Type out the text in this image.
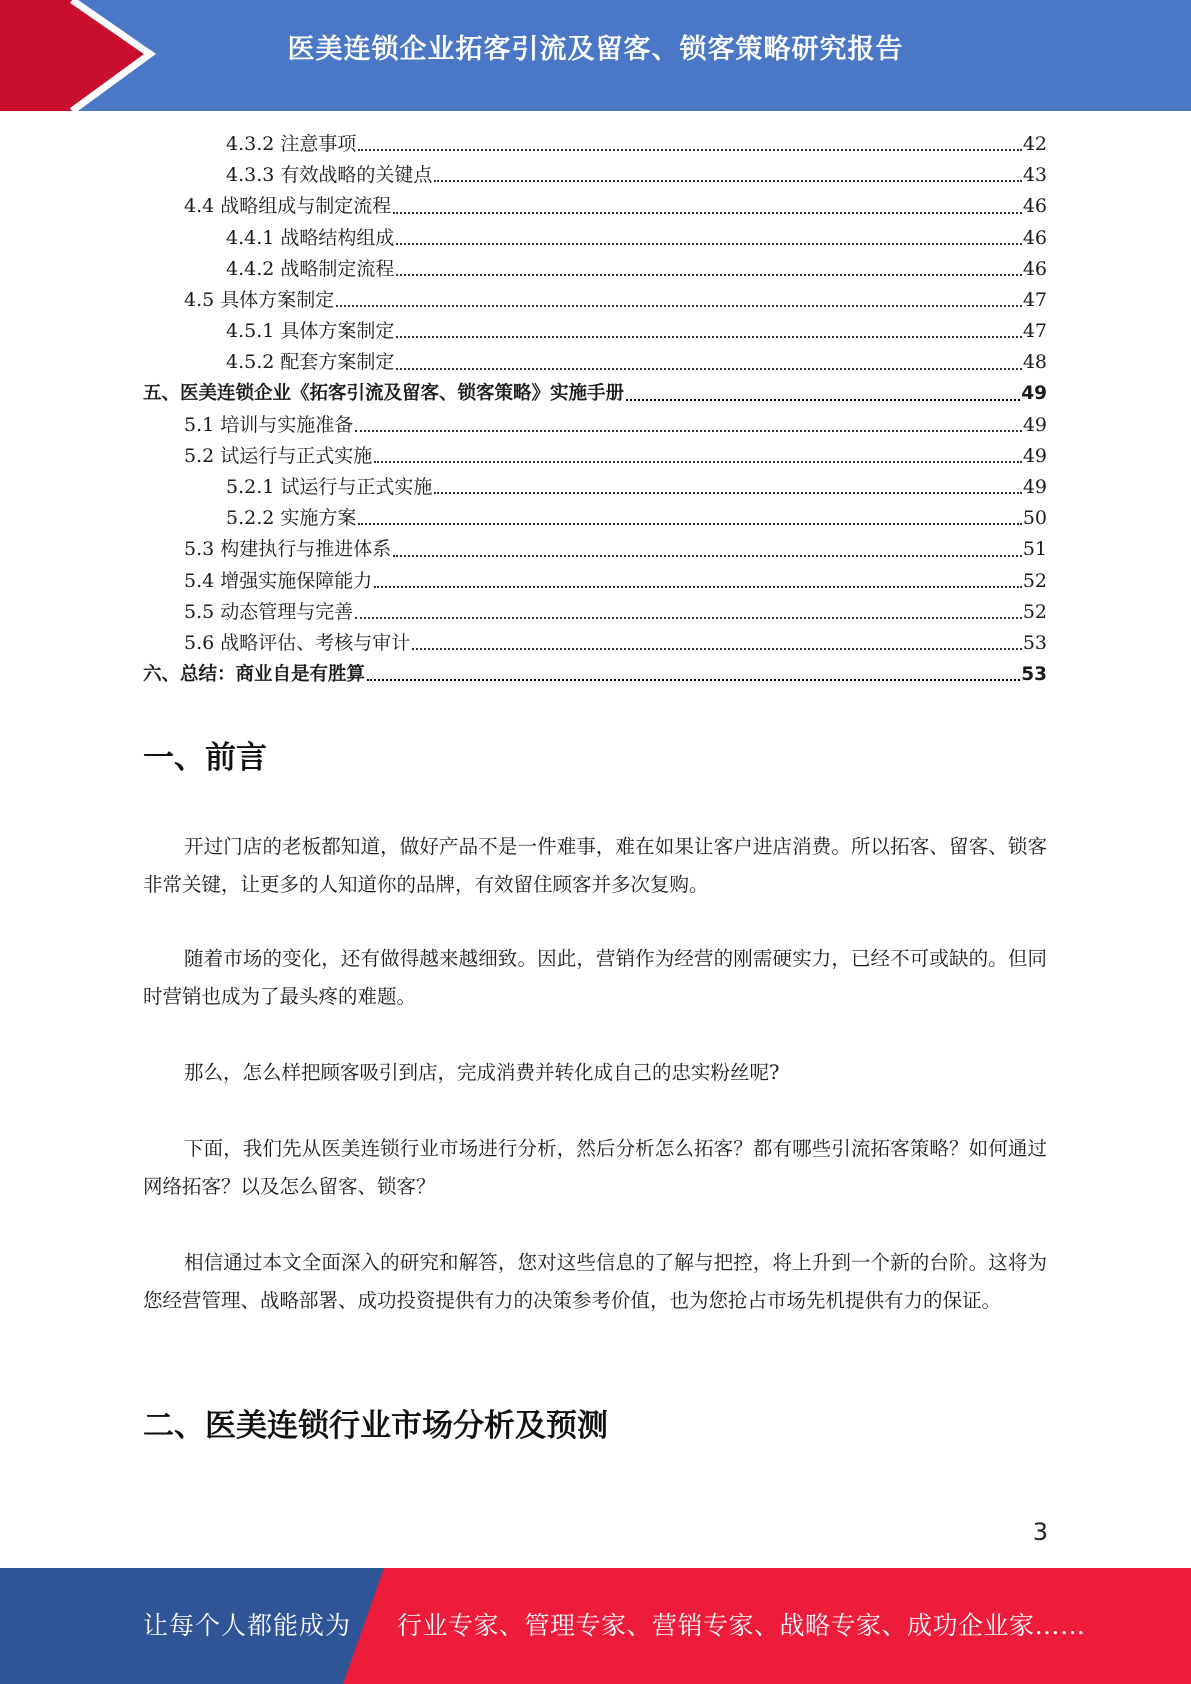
医美连锁企业拓客引流及留客、锁客策略研究报告
4.3.2 注意事项	42
4.3.3 有效战略的关键点	43
4.4 战略组成与制定流程	46
4.4.1 战略结构组成	46
4.4.2 战略制定流程	46
4.5 具体方案制定	47
4.5.1 具体方案制定	47
4.5.2 配套方案制定	48
五、医美连锁企业《拓客引流及留客、锁客策略》实施手册	49
5.1 培训与实施准备	49
5.2 试运行与正式实施	49
5.2.1 试运行与正式实施	49
5.2.2 实施方案	50
5.3 构建执行与推进体系	51
5.4 增强实施保障能力	52
5.5 动态管理与完善	52
5.6 战略评估、考核与审计	53
六、总结：商业自是有胜算	53
一、前言

开过门店的老板都知道，做好产品不是一件难事，难在如果让客户进店消费。所以拓客、留客、锁客非常关键，让更多的人知道你的品牌，有效留住顾客并多次复购。

随着市场的变化，还有做得越来越细致。因此，营销作为经营的刚需硬实力，已经不可或缺的。但同时营销也成为了最头疼的难题。

那么，怎么样把顾客吸引到店，完成消费并转化成自己的忠实粉丝呢?

下面，我们先从医美连锁行业市场进行分析，然后分析怎么拓客？都有哪些引流拓客策略？如何通过网络拓客？以及怎么留客、锁客？

相信通过本文全面深入的研究和解答，您对这些信息的了解与把控，将上升到一个新的台阶。这将为您经营管理、战略部署、成功投资提供有力的决策参考价值，也为您抢占市场先机提供有力的保证。

二、医美连锁行业市场分析及预测
3
让每个人都能成为 行业专家、管理专家、营销专家、战略专家、成功企业家……
